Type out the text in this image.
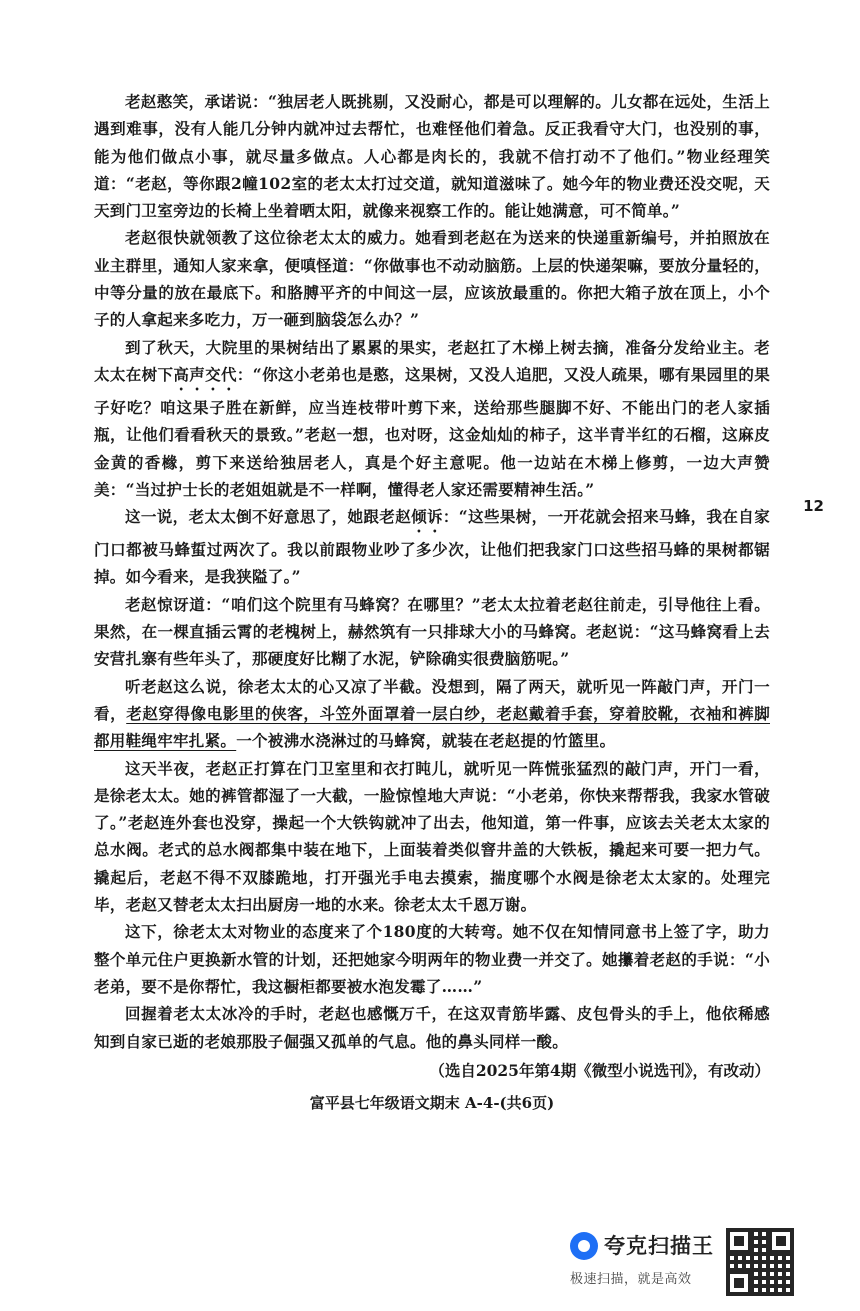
老赵憨笑，承诺说：“独居老人既挑剔，又没耐心，都是可以理解的。儿女都在远处，生活上遇到难事，没有人能几分钟内就冲过去帮忙，也难怪他们着急。反正我看守大门，也没别的事，能为他们做点小事，就尽量多做点。人心都是肉长的，我就不信打动不了他们。”物业经理笑道：“老赵，等你跟2幢102室的老太太打过交道，就知道滋味了。她今年的物业费还没交呢，天天到门卫室旁边的长椅上坐着晒太阳，就像来视察工作的。能让她满意，可不简单。”

老赵很快就领教了这位徐老太太的威力。她看到老赵在为送来的快递重新编号，并拍照放在业主群里，通知人家来拿，便嗔怪道：“你做事也不动动脑筋。上层的快递架嘛，要放分量轻的，中等分量的放在最底下。和胳膊平齐的中间这一层，应该放最重的。你把大箱子放在顶上，小个子的人拿起来多吃力，万一砸到脑袋怎么办？”

到了秋天，大院里的果树结出了累累的果实，老赵扛了木梯上树去摘，准备分发给业主。老太太在树下高声交代：“你这小老弟也是憨，这果树，又没人追肥，又没人疏果，哪有果园里的果子好吃？咱这果子胜在新鲜，应当连枝带叶剪下来，送给那些腿脚不好、不能出门的老人家插瓶，让他们看看秋天的景致。”老赵一想，也对呀，这金灿灿的柿子，这半青半红的石榴，这麻皮金黄的香橼，剪下来送给独居老人，真是个好主意呢。他一边站在木梯上修剪，一边大声赞美：“当过护士长的老姐姐就是不一样啊，懂得老人家还需要精神生活。”

这一说，老太太倒不好意思了，她跟老赵倾诉：“这些果树，一开花就会招来马蜂，我在自家门口都被马蜂蜇过两次了。我以前跟物业吵了多少次，让他们把我家门口这些招马蜂的果树都锯掉。如今看来，是我狭隘了。”

老赵惊讶道：“咱们这个院里有马蜂窝？在哪里？”老太太拉着老赵往前走，引导他往上看。果然，在一棵直插云霄的老槐树上，赫然筑有一只排球大小的马蜂窝。老赵说：“这马蜂窝看上去安营扎寨有些年头了，那硬度好比糊了水泥，铲除确实很费脑筋呢。”

听老赵这么说，徐老太太的心又凉了半截。没想到，隔了两天，就听见一阵敲门声，开门一看，老赵穿得像电影里的侠客，斗笠外面罩着一层白纱，老赵戴着手套，穿着胶靴，衣袖和裤脚都用鞋绳牢牢扎紧。一个被沸水浇淋过的马蜂窝，就装在老赵提的竹篮里。

这天半夜，老赵正打算在门卫室里和衣打盹儿，就听见一阵慌张猛烈的敲门声，开门一看，是徐老太太。她的裤管都湿了一大截，一脸惊惶地大声说：“小老弟，你快来帮帮我，我家水管破了。”老赵连外套也没穿，操起一个大铁钩就冲了出去，他知道，第一件事，应该去关老太太家的总水阀。老式的总水阀都集中装在地下，上面装着类似窨井盖的大铁板，撬起来可要一把力气。撬起后，老赵不得不双膝跪地，打开强光手电去摸索，揣度哪个水阀是徐老太太家的。处理完毕，老赵又替老太太扫出厨房一地的水来。徐老太太千恩万谢。

这下，徐老太太对物业的态度来了个180度的大转弯。她不仅在知情同意书上签了字，助力整个单元住户更换新水管的计划，还把她家今明两年的物业费一并交了。她攥着老赵的手说：“小老弟，要不是你帮忙，我这橱柜都要被水泡发霉了……”

回握着老太太冰冷的手时，老赵也感慨万千，在这双青筋毕露、皮包骨头的手上，他依稀感知到自家已逝的老娘那股子倔强又孤单的气息。他的鼻头同样一酸。

（选自2025年第4期《微型小说选刊》，有改动）
富平县七年级语文期末 A-4-(共6页)
12
夸克扫描王
极速扫描，就是高效
